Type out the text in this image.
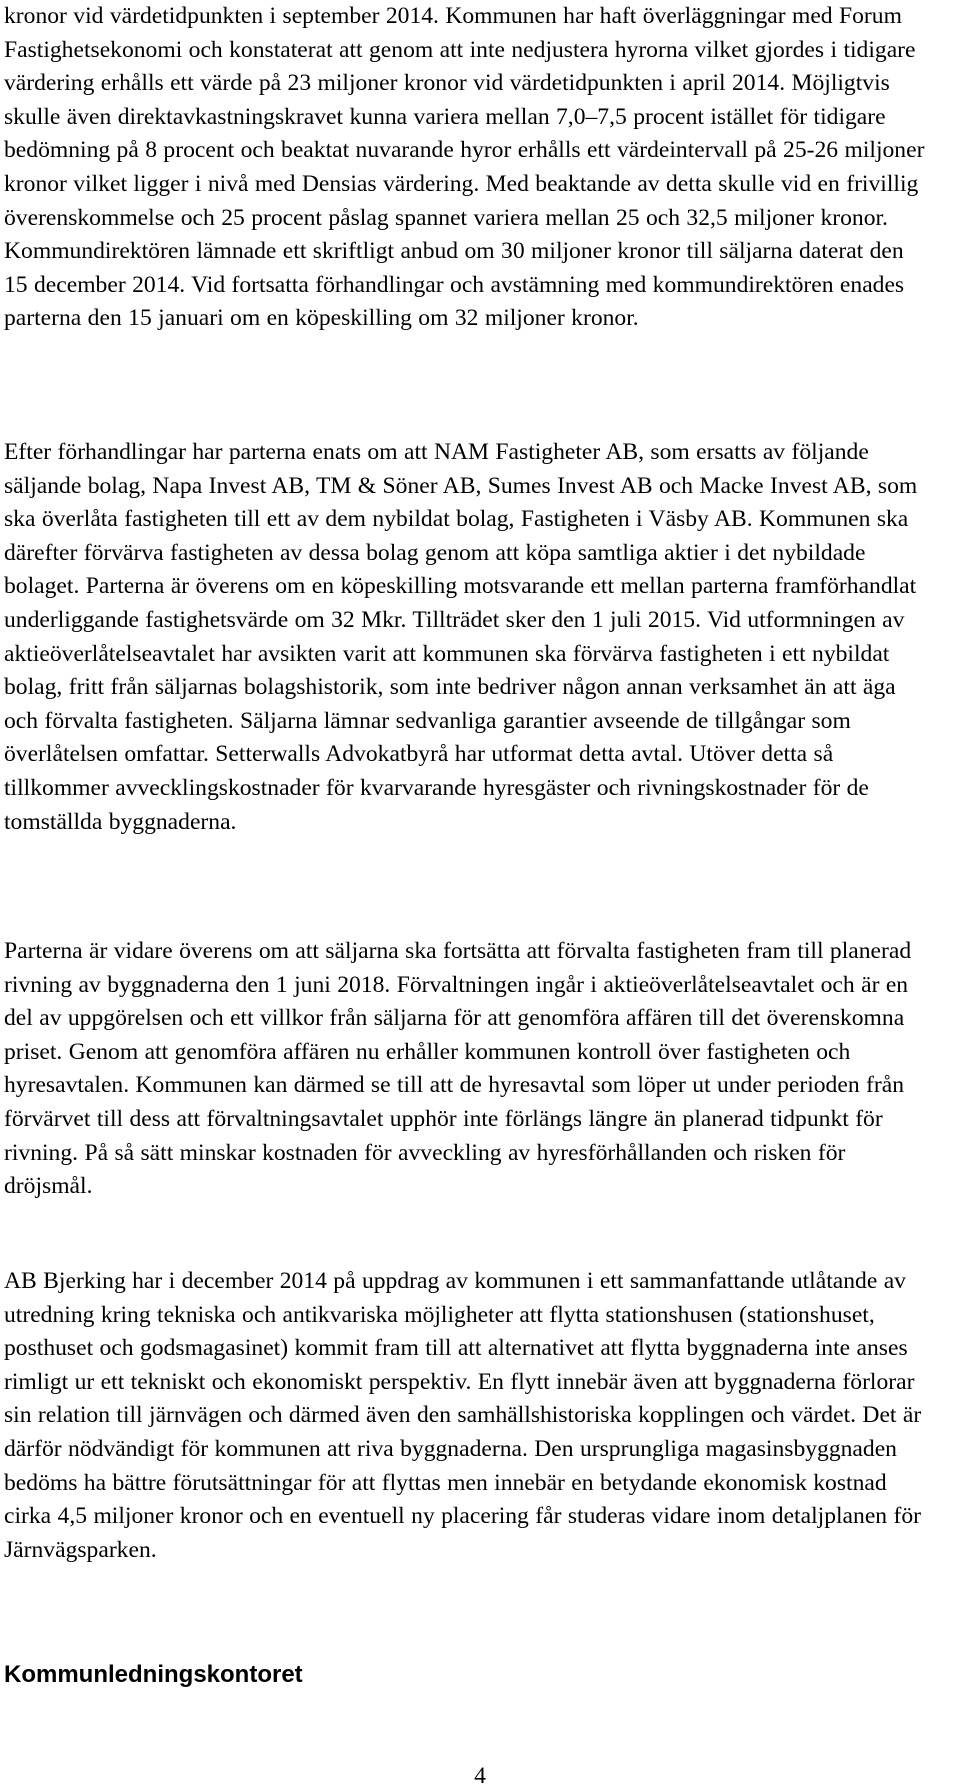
kronor vid värdetidpunkten i september 2014. Kommunen har haft överläggningar med Forum Fastighetsekonomi och konstaterat att genom att inte nedjustera hyrorna vilket gjordes i tidigare värdering erhålls ett värde på 23 miljoner kronor vid värdetidpunkten i april 2014. Möjligtvis skulle även direktavkastningskravet kunna variera mellan 7,0–7,5 procent istället för tidigare bedömning på 8 procent och beaktat nuvarande hyror erhålls ett värdeintervall på 25-26 miljoner kronor vilket ligger i nivå med Densias värdering. Med beaktande av detta skulle vid en frivillig överenskommelse och 25 procent påslag spannet variera mellan 25 och 32,5 miljoner kronor. Kommundirektören lämnade ett skriftligt anbud om 30 miljoner kronor till säljarna daterat den 15 december 2014. Vid fortsatta förhandlingar och avstämning med kommundirektören enades parterna den 15 januari om en köpeskilling om 32 miljoner kronor.

Efter förhandlingar har parterna enats om att NAM Fastigheter AB, som ersatts av följande säljande bolag, Napa Invest AB, TM & Söner AB, Sumes Invest AB och Macke Invest AB, som ska överlåta fastigheten till ett av dem nybildat bolag, Fastigheten i Väsby AB. Kommunen ska därefter förvärva fastigheten av dessa bolag genom att köpa samtliga aktier i det nybildade bolaget. Parterna är överens om en köpeskilling motsvarande ett mellan parterna framförhandlat underliggande fastighetsvärde om 32 Mkr. Tillträdet sker den 1 juli 2015. Vid utformningen av aktieöverlåtelseavtalet har avsikten varit att kommunen ska förvärva fastigheten i ett nybildat bolag, fritt från säljarnas bolagshistorik, som inte bedriver någon annan verksamhet än att äga och förvalta fastigheten. Säljarna lämnar sedvanliga garantier avseende de tillgångar som överlåtelsen omfattar. Setterwalls Advokatbyrå har utformat detta avtal. Utöver detta så tillkommer avvecklingskostnader för kvarvarande hyresgäster och rivningskostnader för de tomställda byggnaderna.

Parterna är vidare överens om att säljarna ska fortsätta att förvalta fastigheten fram till planerad rivning av byggnaderna den 1 juni 2018. Förvaltningen ingår i aktieöverlåtelseavtalet och är en del av uppgörelsen och ett villkor från säljarna för att genomföra affären till det överenskomna priset. Genom att genomföra affären nu erhåller kommunen kontroll över fastigheten och hyresavtalen. Kommunen kan därmed se till att de hyresavtal som löper ut under perioden från förvärvet till dess att förvaltningsavtalet upphör inte förlängs längre än planerad tidpunkt för rivning. På så sätt minskar kostnaden för avveckling av hyresförhållanden och risken för dröjsmål.

AB Bjerking har i december 2014 på uppdrag av kommunen i ett sammanfattande utlåtande av utredning kring tekniska och antikvariska möjligheter att flytta stationshusen (stationshuset, posthuset och godsmagasinet) kommit fram till att alternativet att flytta byggnaderna inte anses rimligt ur ett tekniskt och ekonomiskt perspektiv. En flytt innebär även att byggnaderna förlorar sin relation till järnvägen och därmed även den samhällshistoriska kopplingen och värdet. Det är därför nödvändigt för kommunen att riva byggnaderna. Den ursprungliga magasinsbyggnaden bedöms ha bättre förutsättningar för att flyttas men innebär en betydande ekonomisk kostnad cirka 4,5 miljoner kronor och en eventuell ny placering får studeras vidare inom detaljplanen för Järnvägsparken.

Kommunledningskontoret
4
